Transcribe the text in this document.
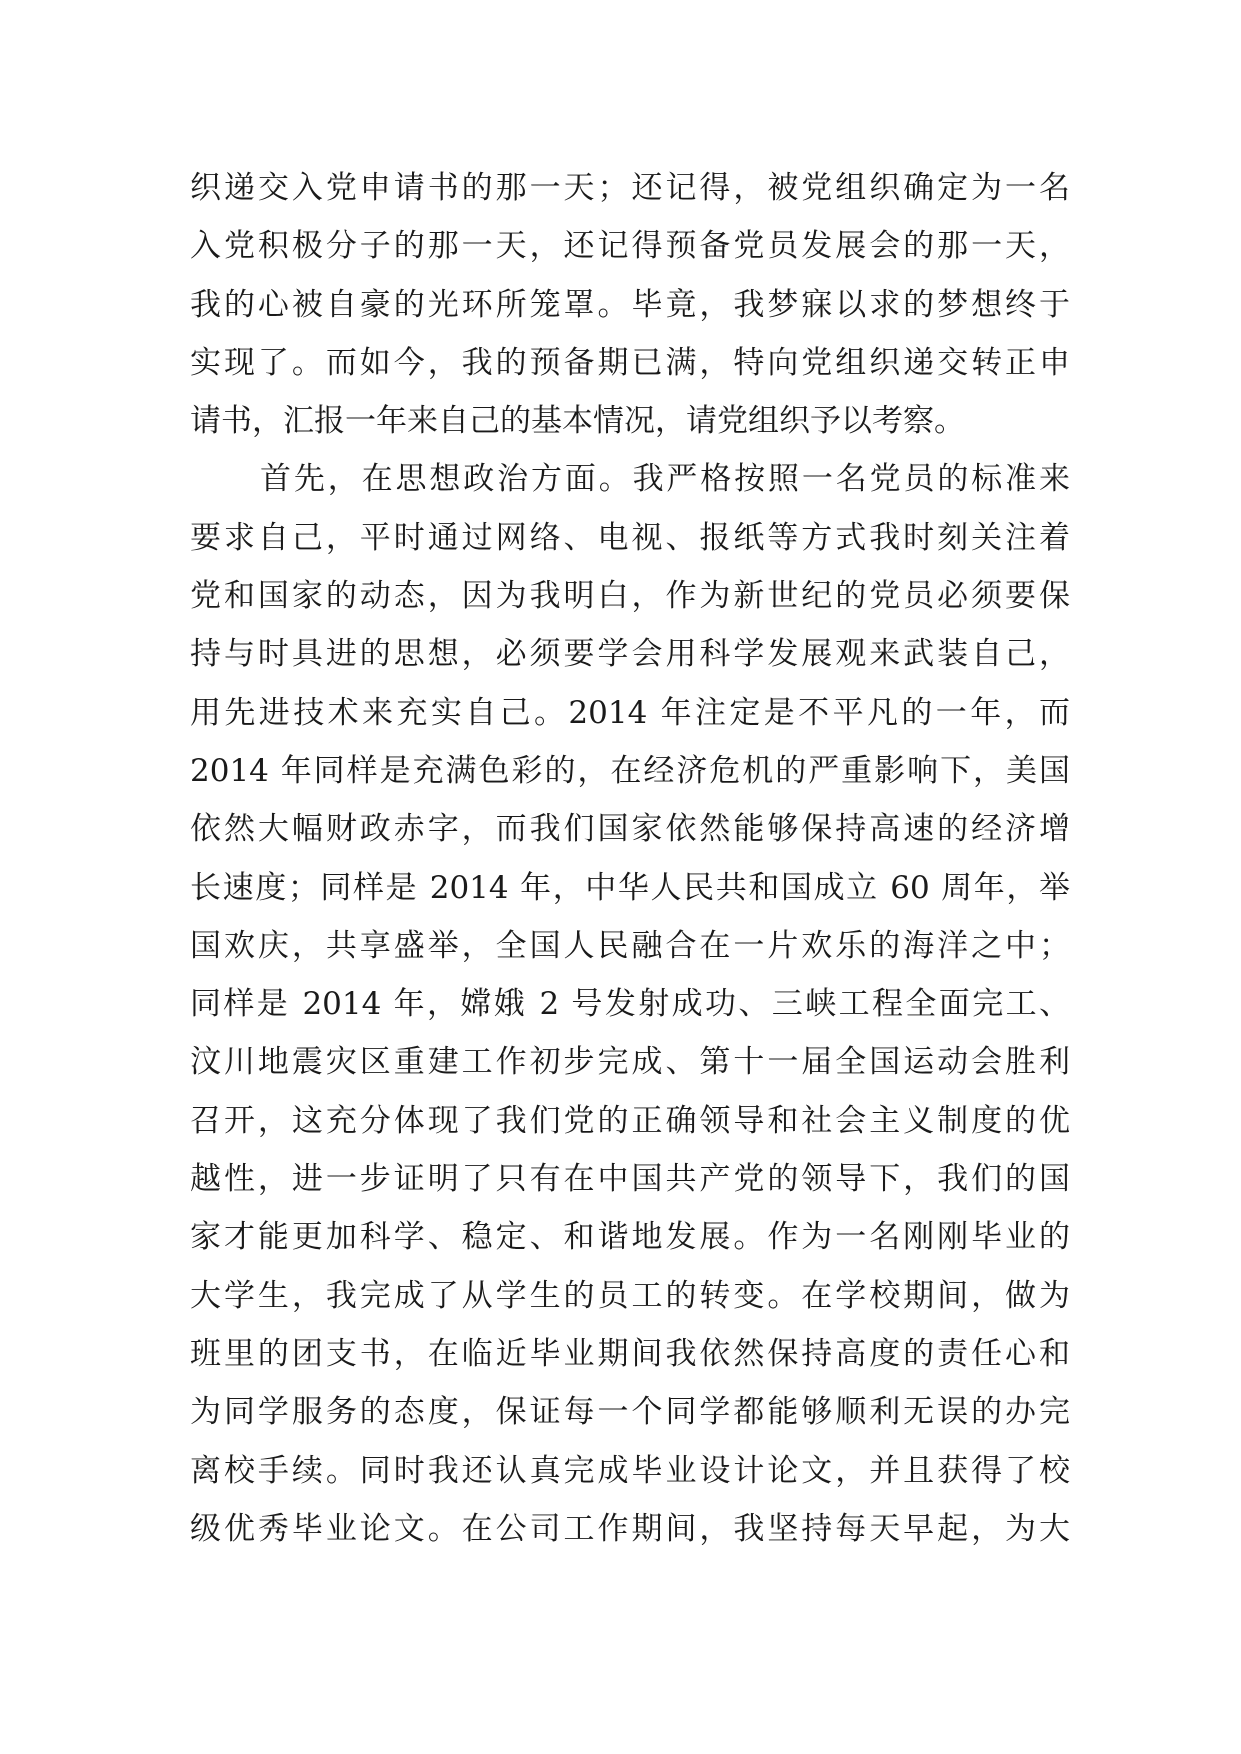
织递交入党申请书的那一天；还记得，被党组织确定为一名
入党积极分子的那一天，还记得预备党员发展会的那一天，
我的心被自豪的光环所笼罩。毕竟，我梦寐以求的梦想终于
实现了。而如今，我的预备期已满，特向党组织递交转正申
请书，汇报一年来自己的基本情况，请党组织予以考察。
首先，在思想政治方面。我严格按照一名党员的标准来
要求自己，平时通过网络、电视、报纸等方式我时刻关注着
党和国家的动态，因为我明白，作为新世纪的党员必须要保
持与时具进的思想，必须要学会用科学发展观来武装自己，
用先进技术来充实自己。2014 年注定是不平凡的一年，而
2014 年同样是充满色彩的，在经济危机的严重影响下，美国
依然大幅财政赤字，而我们国家依然能够保持高速的经济增
长速度；同样是 2014 年，中华人民共和国成立 60 周年，举
国欢庆，共享盛举，全国人民融合在一片欢乐的海洋之中；
同样是 2014 年，嫦娥 2 号发射成功、三峡工程全面完工、
汶川地震灾区重建工作初步完成、第十一届全国运动会胜利
召开，这充分体现了我们党的正确领导和社会主义制度的优
越性，进一步证明了只有在中国共产党的领导下，我们的国
家才能更加科学、稳定、和谐地发展。作为一名刚刚毕业的
大学生，我完成了从学生的员工的转变。在学校期间，做为
班里的团支书，在临近毕业期间我依然保持高度的责任心和
为同学服务的态度，保证每一个同学都能够顺利无误的办完
离校手续。同时我还认真完成毕业设计论文，并且获得了校
级优秀毕业论文。在公司工作期间，我坚持每天早起，为大
